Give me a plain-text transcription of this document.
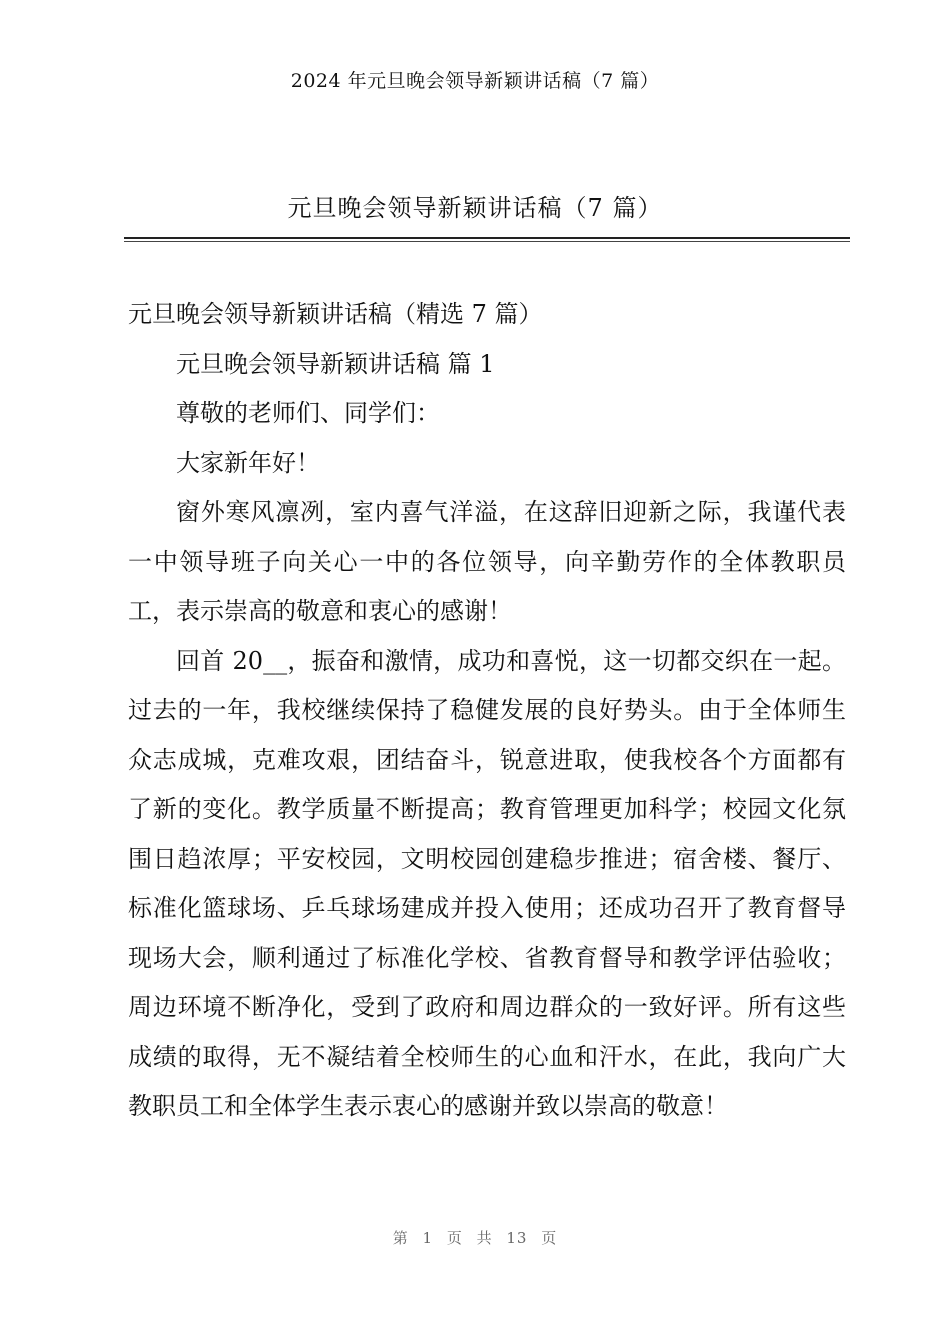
2024 年元旦晚会领导新颖讲话稿（7 篇）
元旦晚会领导新颖讲话稿（7 篇）

元旦晚会领导新颖讲话稿（精选 7 篇）

元旦晚会领导新颖讲话稿 篇 1

尊敬的老师们、同学们：

大家新年好！

窗外寒风凛冽，室内喜气洋溢，在这辞旧迎新之际，我谨代表一中领导班子向关心一中的各位领导，向辛勤劳作的全体教职员工，表示崇高的敬意和衷心的感谢！

回首 20__，振奋和激情，成功和喜悦，这一切都交织在一起。过去的一年，我校继续保持了稳健发展的良好势头。由于全体师生众志成城，克难攻艰，团结奋斗，锐意进取，使我校各个方面都有了新的变化。教学质量不断提高；教育管理更加科学；校园文化氛围日趋浓厚；平安校园，文明校园创建稳步推进；宿舍楼、餐厅、标准化篮球场、乒乓球场建成并投入使用；还成功召开了教育督导现场大会，顺利通过了标准化学校、省教育督导和教学评估验收；周边环境不断净化，受到了政府和周边群众的一致好评。所有这些成绩的取得，无不凝结着全校师生的心血和汗水，在此，我向广大教职员工和全体学生表示衷心的感谢并致以崇高的敬意！

第 1 页 共 13 页
